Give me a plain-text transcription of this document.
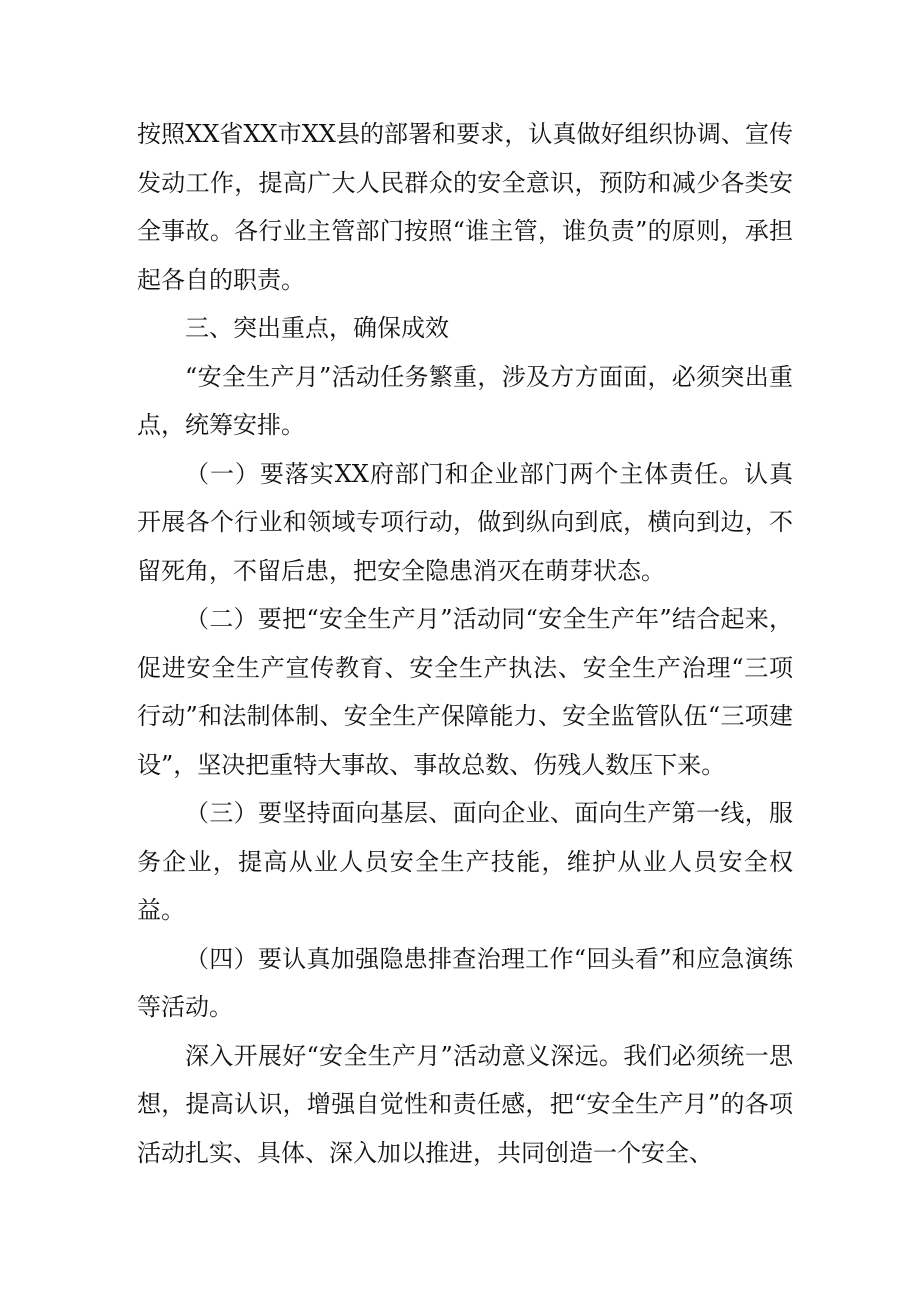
按照XX省XX市XX县的部署和要求，认真做好组织协调、宣传发动工作，提高广大人民群众的安全意识，预防和减少各类安全事故。各行业主管部门按照“谁主管，谁负责”的原则，承担起各自的职责。

三、突出重点，确保成效

“安全生产月”活动任务繁重，涉及方方面面，必须突出重点，统筹安排。

（一）要落实XX府部门和企业部门两个主体责任。认真开展各个行业和领域专项行动，做到纵向到底，横向到边，不留死角，不留后患，把安全隐患消灭在萌芽状态。

（二）要把“安全生产月”活动同“安全生产年”结合起来，促进安全生产宣传教育、安全生产执法、安全生产治理“三项行动”和法制体制、安全生产保障能力、安全监管队伍“三项建设”，坚决把重特大事故、事故总数、伤残人数压下来。

（三）要坚持面向基层、面向企业、面向生产第一线，服务企业，提高从业人员安全生产技能，维护从业人员安全权益。

（四）要认真加强隐患排查治理工作“回头看”和应急演练等活动。

深入开展好“安全生产月”活动意义深远。我们必须统一思想，提高认识，增强自觉性和责任感，把“安全生产月”的各项活动扎实、具体、深入加以推进，共同创造一个安全、
